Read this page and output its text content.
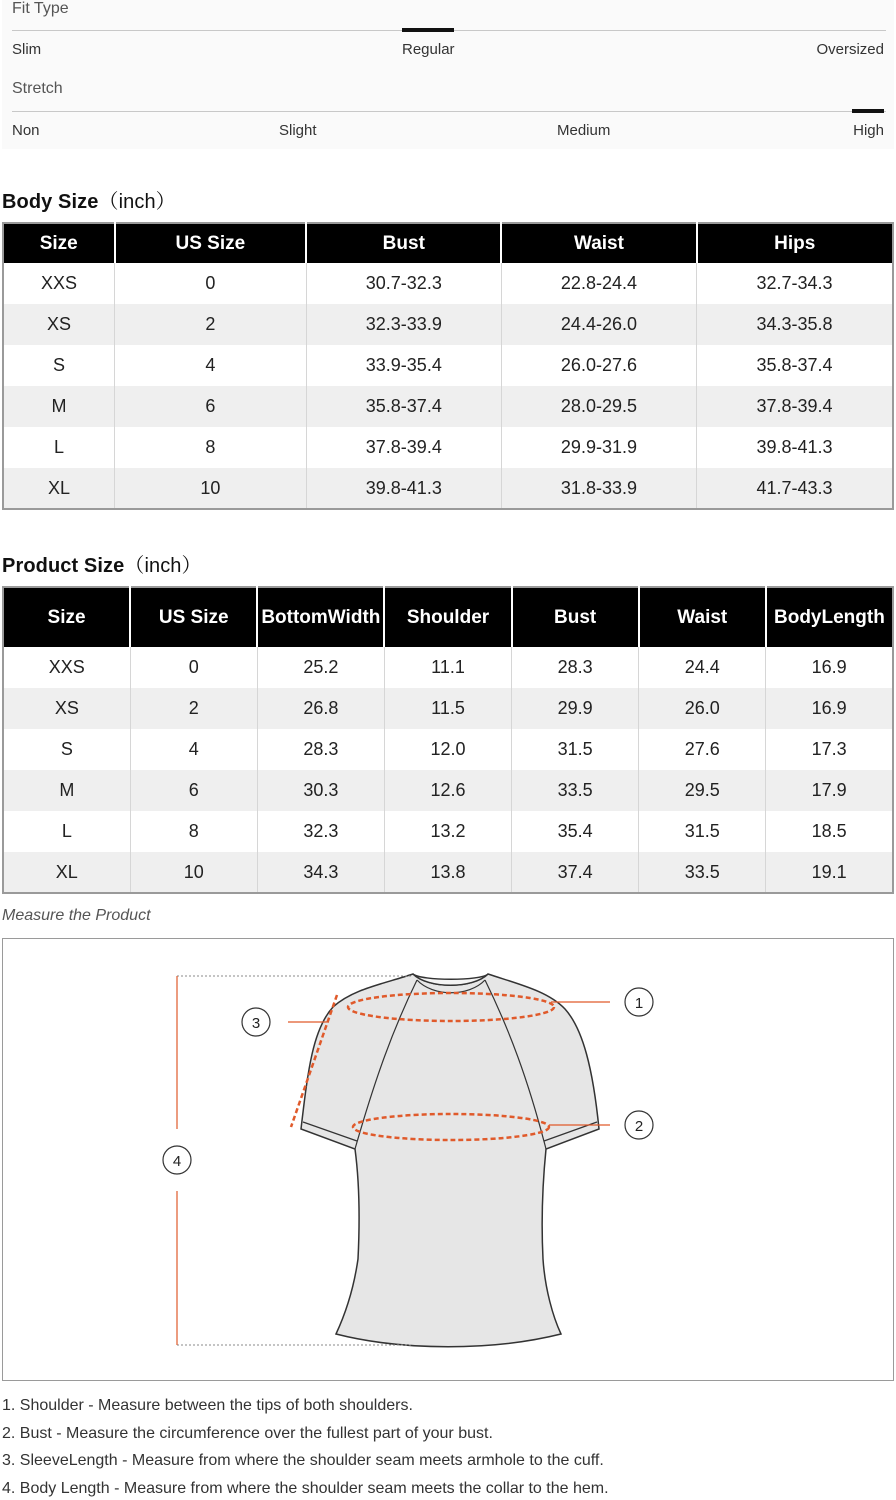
Fit Type
Slim	Regular	Oversized
Stretch
Non	Slight	Medium	High
Body Size（inch）
Size	US Size	Bust	Waist	Hips
XXS	0	30.7-32.3	22.8-24.4	32.7-34.3
XS	2	32.3-33.9	24.4-26.0	34.3-35.8
S	4	33.9-35.4	26.0-27.6	35.8-37.4
M	6	35.8-37.4	28.0-29.5	37.8-39.4
L	8	37.8-39.4	29.9-31.9	39.8-41.3
XL	10	39.8-41.3	31.8-33.9	41.7-43.3
Product Size（inch）
Size	US Size	BottomWidth	Shoulder	Bust	Waist	BodyLength
XXS	0	25.2	11.1	28.3	24.4	16.9
XS	2	26.8	11.5	29.9	26.0	16.9
S	4	28.3	12.0	31.5	27.6	17.3
M	6	30.3	12.6	33.5	29.5	17.9
L	8	32.3	13.2	35.4	31.5	18.5
XL	10	34.3	13.8	37.4	33.5	19.1
Measure the Product
1
2
3
4
1. Shoulder - Measure between the tips of both shoulders.
2. Bust - Measure the circumference over the fullest part of your bust.
3. SleeveLength - Measure from where the shoulder seam meets armhole to the cuff.
4. Body Length - Measure from where the shoulder seam meets the collar to the hem.
